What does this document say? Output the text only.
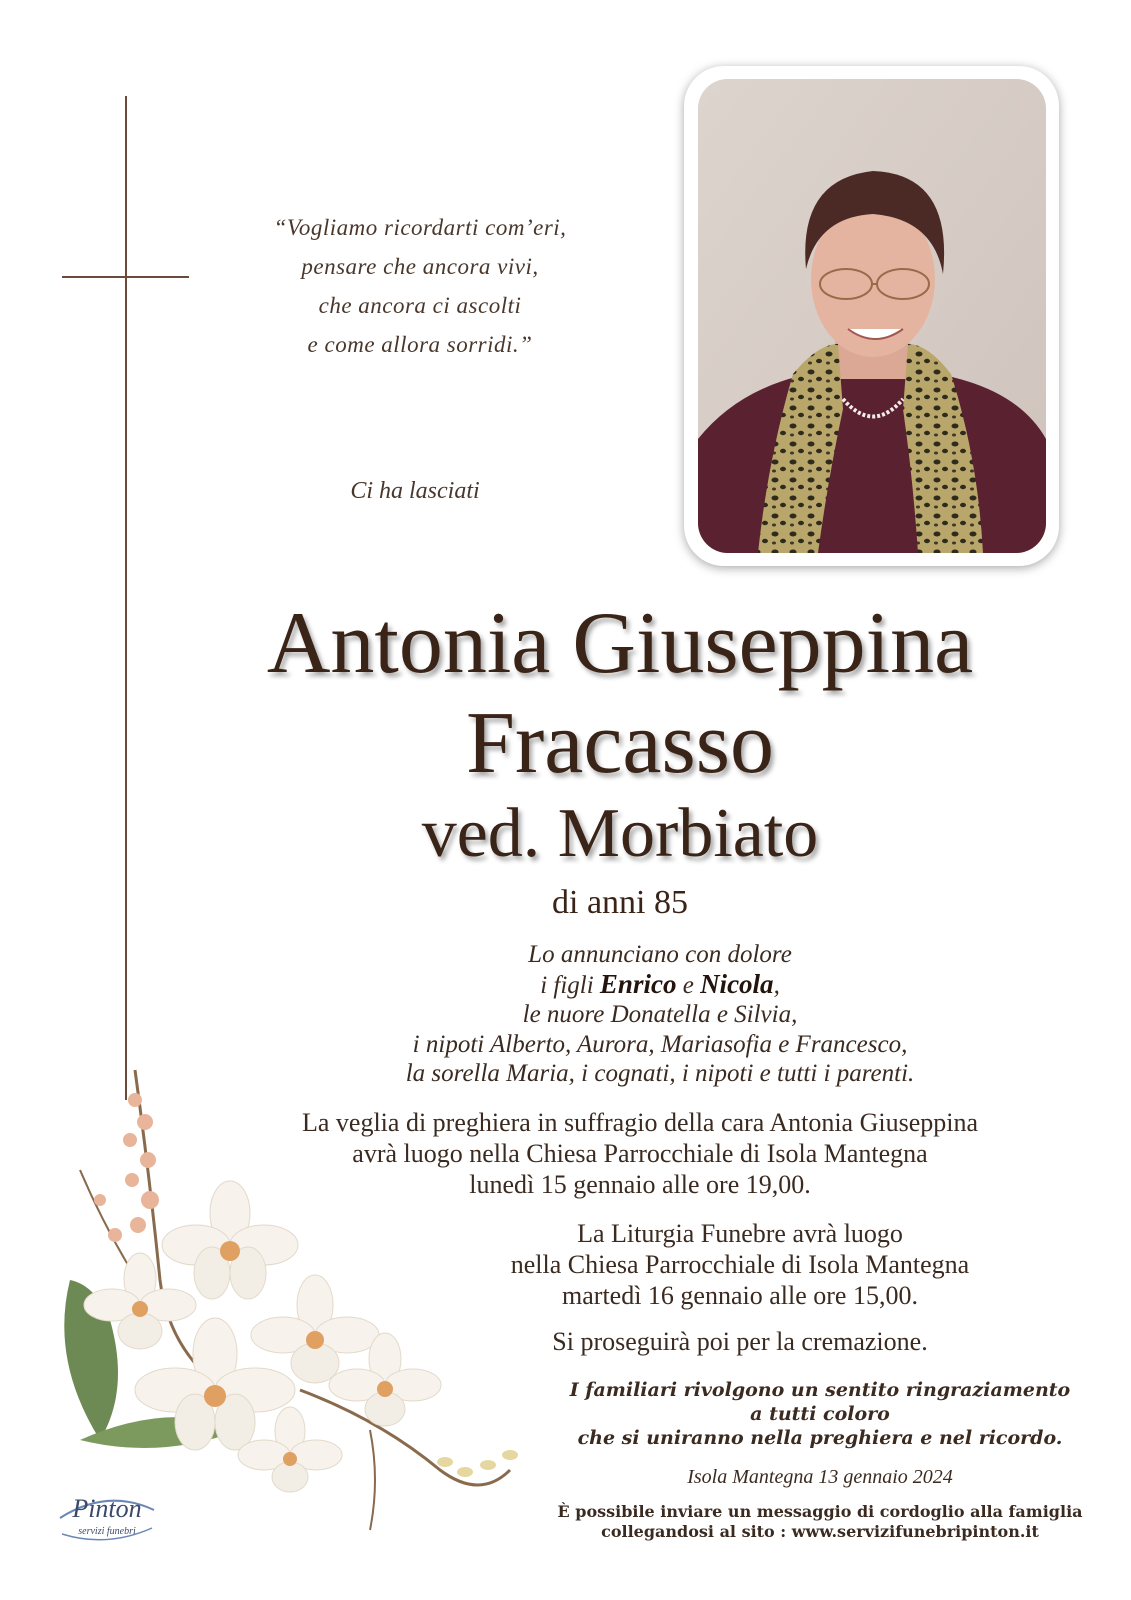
“Vogliamo ricordarti com’eri,
pensare che ancora vivi,
che ancora ci ascolti
e come allora sorridi.”
Ci ha lasciati
Antonia Giuseppina
Fracasso
ved. Morbiato
di anni 85
Lo annunciano con dolore
i figli Enrico e Nicola,
le nuore Donatella e Silvia,
i nipoti Alberto, Aurora, Mariasofia e Francesco,
la sorella Maria, i cognati, i nipoti e tutti i parenti.
La veglia di preghiera in suffragio della cara Antonia Giuseppina
avrà luogo nella Chiesa Parrocchiale di Isola Mantegna
lunedì 15 gennaio alle ore 19,00.
La Liturgia Funebre avrà luogo
nella Chiesa Parrocchiale di Isola Mantegna
martedì 16 gennaio alle ore 15,00.
Si proseguirà poi per la cremazione.
I familiari rivolgono un sentito ringraziamento
a tutti coloro
che si uniranno nella preghiera e nel ricordo.
Isola Mantegna 13 gennaio 2024
È possibile inviare un messaggio di cordoglio alla famiglia
collegandosi al sito : www.servizifunebripinton.it
Pinton
servizi funebri
